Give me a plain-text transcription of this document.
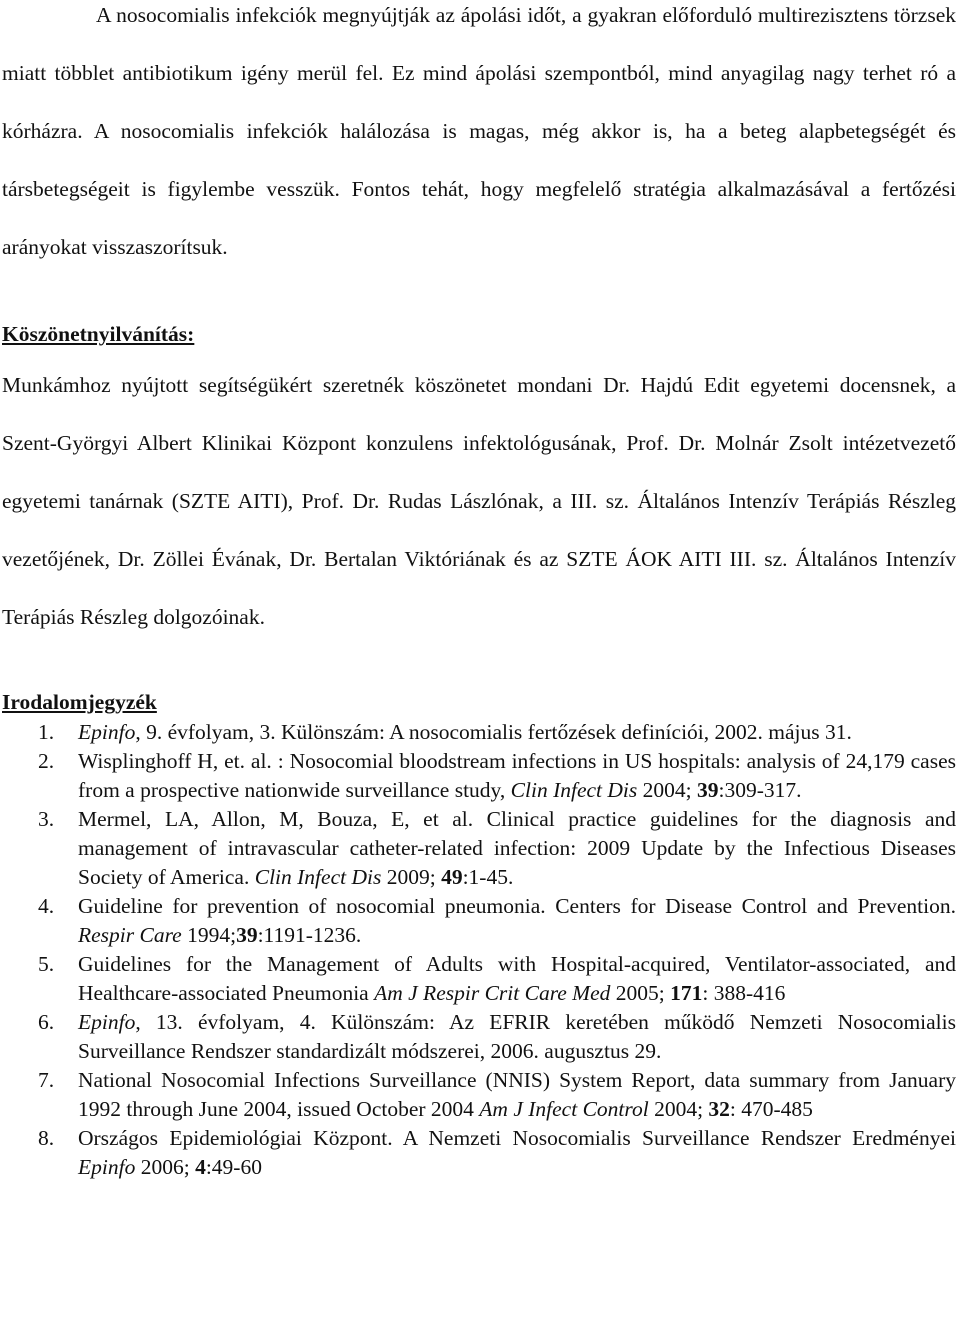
A nosocomialis infekciók megnyújtják az ápolási időt, a gyakran előforduló multirezisztens törzsek miatt többlet antibiotikum igény merül fel. Ez mind ápolási szempontból, mind anyagilag nagy terhet ró a kórházra. A nosocomialis infekciók halálozása is magas, még akkor is, ha a beteg alapbetegségét és társbetegségeit is figylembe vesszük. Fontos tehát, hogy megfelelő stratégia alkalmazásával a fertőzési arányokat visszaszorítsuk.

Köszönetnyilvánítás:

Munkámhoz nyújtott segítségükért szeretnék köszönetet mondani Dr. Hajdú Edit egyetemi docensnek, a Szent-Györgyi Albert Klinikai Központ konzulens infektológusának, Prof. Dr. Molnár Zsolt intézetvezető egyetemi tanárnak (SZTE AITI), Prof. Dr. Rudas Lászlónak, a III. sz. Általános Intenzív Terápiás Részleg vezetőjének, Dr. Zöllei Évának, Dr. Bertalan Viktóriának és az SZTE ÁOK AITI III. sz. Általános Intenzív Terápiás Részleg dolgozóinak.

Irodalomjegyzék
1. Epinfo, 9. évfolyam, 3. Különszám: A nosocomialis fertőzések definíciói, 2002. május 31.
2. Wisplinghoff H, et. al. : Nosocomial bloodstream infections in US hospitals: analysis of 24,179 cases from a prospective nationwide surveillance study, Clin Infect Dis 2004; 39:309-317.
3. Mermel, LA, Allon, M, Bouza, E, et al. Clinical practice guidelines for the diagnosis and management of intravascular catheter-related infection: 2009 Update by the Infectious Diseases Society of America. Clin Infect Dis 2009; 49:1-45.
4. Guideline for prevention of nosocomial pneumonia. Centers for Disease Control and Prevention. Respir Care 1994;39:1191-1236.
5. Guidelines for the Management of Adults with Hospital-acquired, Ventilator-associated, and Healthcare-associated Pneumonia Am J Respir Crit Care Med 2005; 171: 388-416
6. Epinfo, 13. évfolyam, 4. Különszám: Az EFRIR keretében működő Nemzeti Nosocomialis Surveillance Rendszer standardizált módszerei, 2006. augusztus 29.
7. National Nosocomial Infections Surveillance (NNIS) System Report, data summary from January 1992 through June 2004, issued October 2004 Am J Infect Control 2004; 32: 470-485
8. Országos Epidemiológiai Központ. A Nemzeti Nosocomialis Surveillance Rendszer Eredményei Epinfo 2006; 4:49-60
